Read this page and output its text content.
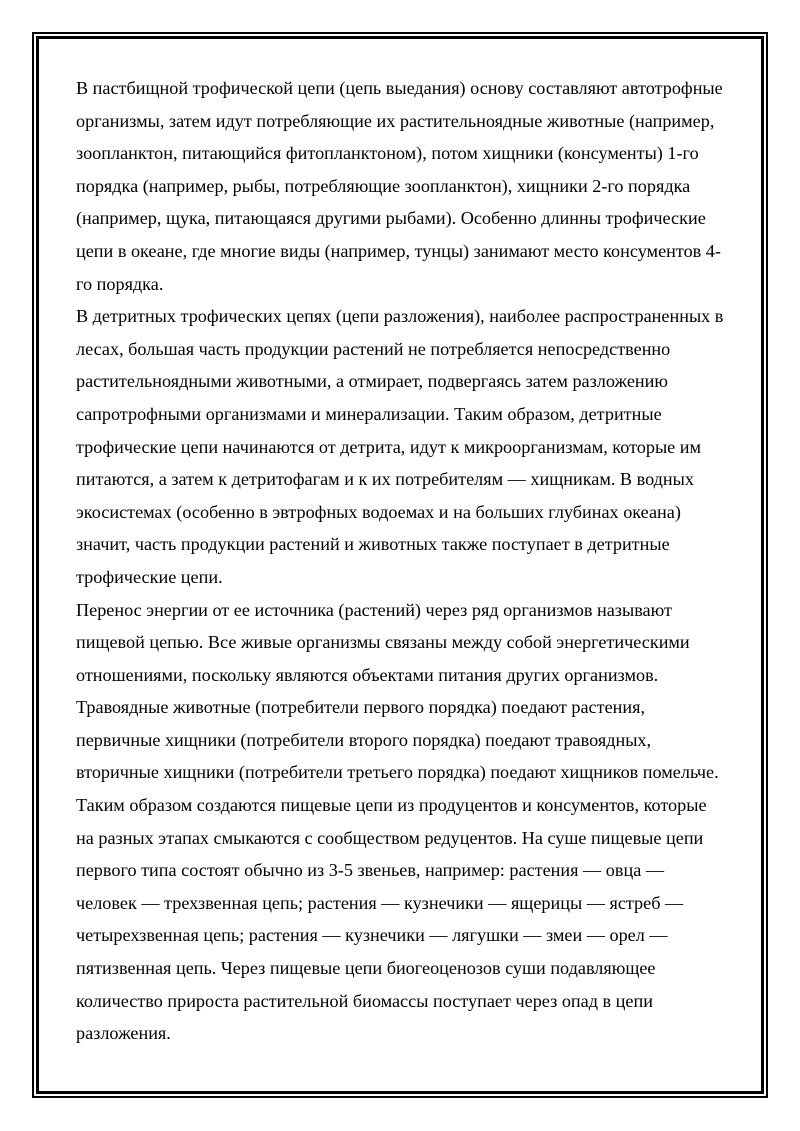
В пастбищной трофической цепи (цепь выедания) основу составляют автотрофные организмы, затем идут потребляющие их растительноядные животные (например, зоопланктон, питающийся фитопланктоном), потом хищники (консументы) 1-го порядка (например, рыбы, потребляющие зоопланктон), хищники 2-го порядка (например, щука, питающаяся другими рыбами). Особенно длинны трофические цепи в океане, где многие виды (например, тунцы) занимают место консументов 4-го порядка.

В детритных трофических цепях (цепи разложения), наиболее распространенных в лесах, большая часть продукции растений не потребляется непосредственно растительноядными животными, а отмирает, подвергаясь затем разложению сапротрофными организмами и минерализации. Таким образом, детритные трофические цепи начинаются от детрита, идут к микроорганизмам, которые им питаются, а затем к детритофагам и к их потребителям — хищникам. В водных экосистемах (особенно в эвтрофных водоемах и на больших глубинах океана) значит, часть продукции растений и животных также поступает в детритные трофические цепи.

Перенос энергии от ее источника (растений) через ряд организмов называют пищевой цепью. Все живые организмы связаны между собой энергетическими отношениями, поскольку являются объектами питания других организмов. Травоядные животные (потребители первого порядка) поедают растения, первичные хищники (потребители второго порядка) поедают травоядных, вторичные хищники (потребители третьего порядка) поедают хищников помельче. Таким образом создаются пищевые цепи из продуцентов и консументов, которые на разных этапах смыкаются с сообществом редуцентов. На суше пищевые цепи первого типа состоят обычно из 3-5 звеньев, например: растения — овца — человек — трехзвенная цепь; растения — кузнечики — ящерицы — ястреб — четырехзвенная цепь; растения — кузнечики — лягушки — змеи — орел — пятизвенная цепь. Через пищевые цепи биогеоценозов суши подавляющее количество прироста растительной биомассы поступает через опад в цепи разложения.
